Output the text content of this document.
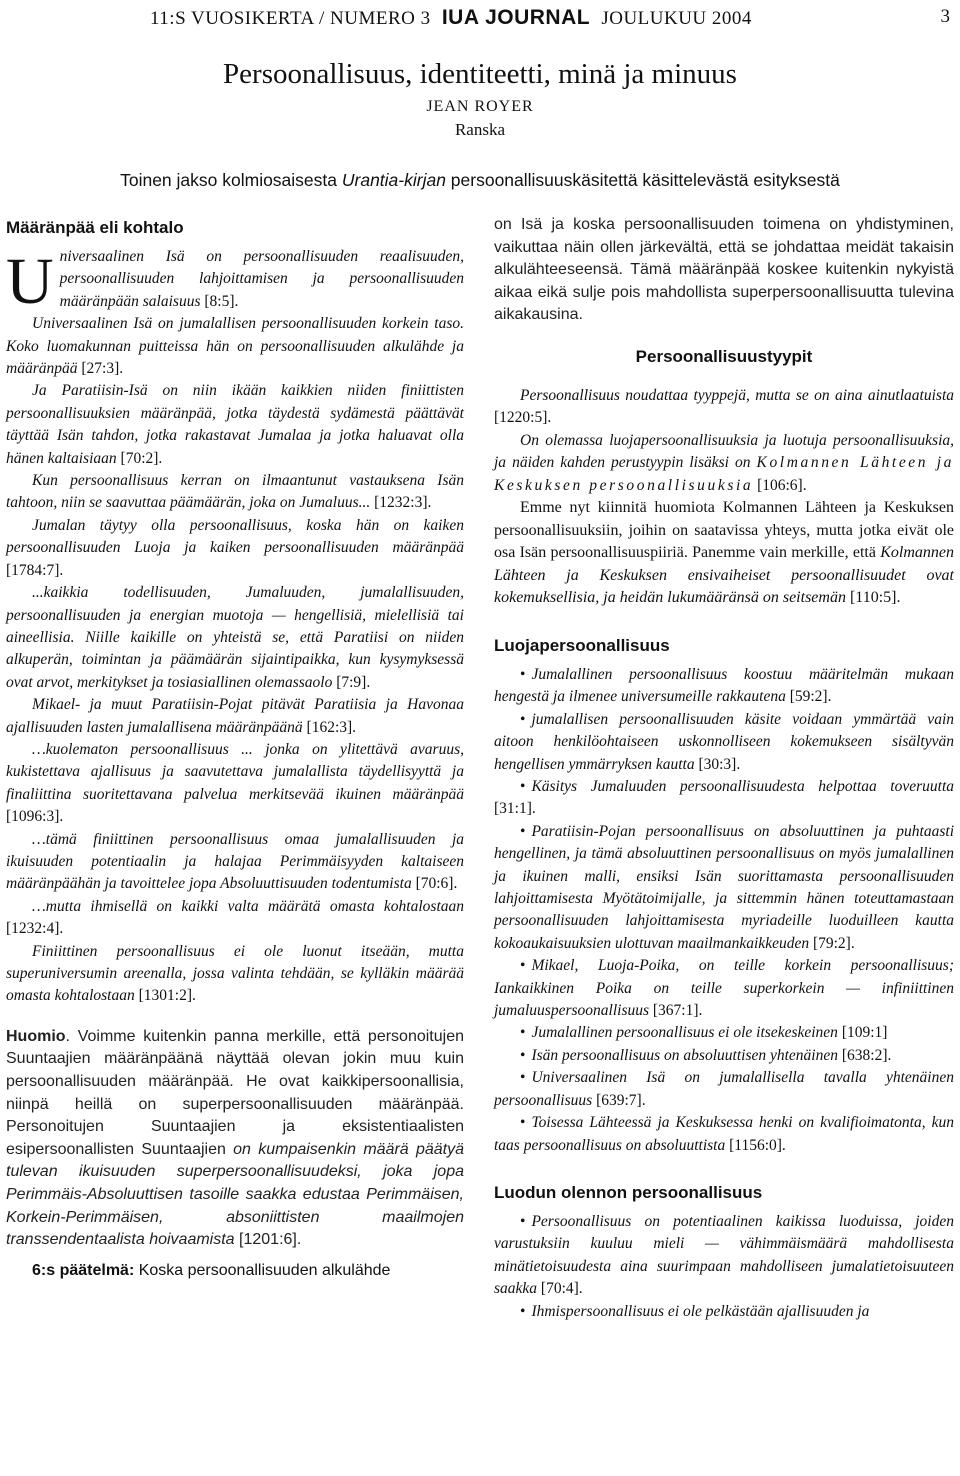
11:S VUOSIKERTA / NUMERO 3 IUA JOURNAL JOULUKUU 2004	3
Persoonallisuus, identiteetti, minä ja minuus
JEAN ROYER
Ranska
Toinen jakso kolmiosaisesta Urantia-kirjan persoonallisuuskäsitettä käsittelevästä esityksestä
Määränpää eli kohtalo

Universaalinen Isä on persoonallisuuden reaalisuuden, persoonallisuuden lahjoittamisen ja persoonallisuuden määränpään salaisuus [8:5].

Universaalinen Isä on jumalallisen persoonallisuuden korkein taso. Koko luomakunnan puitteissa hän on persoonallisuuden alkulähde ja määränpää [27:3].

Ja Paratiisin-Isä on niin ikään kaikkien niiden finiittisten persoonallisuuksien määränpää, jotka täydestä sydämestä päättävät täyttää Isän tahdon, jotka rakastavat Jumalaa ja jotka haluavat olla hänen kaltaisiaan [70:2].

Kun persoonallisuus kerran on ilmaantunut vastauksena Isän tahtoon, niin se saavuttaa päämäärän, joka on Jumaluus... [1232:3].

Jumalan täytyy olla persoonallisuus, koska hän on kaiken persoonallisuuden Luoja ja kaiken persoonallisuuden määränpää [1784:7].

...kaikkia todellisuuden, Jumaluuden, jumalallisuuden, persoonallisuuden ja energian muotoja — hengellisiä, mielellisiä tai aineellisia. Niille kaikille on yhteistä se, että Paratiisi on niiden alkuperän, toimintan ja päämäärän sijaintipaikka, kun kysymyksessä ovat arvot, merkitykset ja tosiasiallinen olemassaolo [7:9].

Mikael- ja muut Paratiisin-Pojat pitävät Paratiisia ja Havonaa ajallisuuden lasten jumalallisena määränpäänä [162:3].

…kuolematon persoonallisuus ... jonka on ylitettävä avaruus, kukistettava ajallisuus ja saavutettava jumalallista täydellisyyttä ja finaliittina suoritettavana palvelua merkitsevää ikuinen määränpää [1096:3].

…tämä finiittinen persoonallisuus omaa jumalallisuuden ja ikuisuuden potentiaalin ja halajaa Perimmäisyyden kaltaiseen määränpäähän ja tavoittelee jopa Absoluuttisuuden todentumista [70:6].

…mutta ihmisellä on kaikki valta määrätä omasta kohtalostaan [1232:4].

Finiittinen persoonallisuus ei ole luonut itseään, mutta superuniversumin areenalla, jossa valinta tehdään, se kylläkin määrää omasta kohtalostaan [1301:2].

Huomio. Voimme kuitenkin panna merkille, että personoitujen Suuntaajien määränpäänä näyttää olevan jokin muu kuin persoonallisuuden määränpää. He ovat kaikkipersoonallisia, niinpä heillä on superpersoonallisuuden määränpää. Personoitujen Suuntaajien ja eksistentiaalisten esipersoonallisten Suuntaajien on kumpaisenkin määrä päätyä tulevan ikuisuuden superpersoonallisuudeksi, joka jopa Perimmäis-Absoluuttisen tasoille saakka edustaa Perimmäisen, Korkein-Perimmäisen, absoniittisten maailmojen transsendentaalista hoivaamista [1201:6].

6:s päätelmä: Koska persoonallisuuden alkulähde

on Isä ja koska persoonallisuuden toimena on yhdistyminen, vaikuttaa näin ollen järkevältä, että se johdattaa meidät takaisin alkulähteeseensä. Tämä määränpää koskee kuitenkin nykyistä aikaa eikä sulje pois mahdollista superpersoonallisuutta tulevina aikakausina.

Persoonallisuustyypit

Persoonallisuus noudattaa tyyppejä, mutta se on aina ainutlaatuista [1220:5].

On olemassa luojapersoonallisuuksia ja luotuja persoonallisuuksia, ja näiden kahden perustyypin lisäksi on Kolmannen Lähteen ja Keskuksen persoonallisuuksia [106:6].

Emme nyt kiinnitä huomiota Kolmannen Lähteen ja Keskuksen persoonallisuuksiin, joihin on saatavissa yhteys, mutta jotka eivät ole osa Isän persoonallisuuspiiriä. Panemme vain merkille, että Kolmannen Lähteen ja Keskuksen ensivaiheiset persoonallisuudet ovat kokemuksellisia, ja heidän lukumääränsä on seitsemän [110:5].

Luojapersoonallisuus

• Jumalallinen persoonallisuus koostuu määritelmän mukaan hengestä ja ilmenee universumeille rakkautena [59:2].

• jumalallisen persoonallisuuden käsite voidaan ymmärtää vain aitoon henkilöohtaiseen uskonnolliseen kokemukseen sisältyvän hengellisen ymmärryksen kautta [30:3].

• Käsitys Jumaluuden persoonallisuudesta helpottaa toveruutta [31:1].

• Paratiisin-Pojan persoonallisuus on absoluuttinen ja puhtaasti hengellinen, ja tämä absoluuttinen persoonallisuus on myös jumalallinen ja ikuinen malli, ensiksi Isän suorittamasta persoonallisuuden lahjoittamisesta Myötätoimijalle, ja sittemmin hänen toteuttamastaan persoonallisuuden lahjoittamisesta myriadeille luoduilleen kautta kokoaukaisuuksien ulottuvan maailmankaikkeuden [79:2].

• Mikael, Luoja-Poika, on teille korkein persoonallisuus; Iankaikkinen Poika on teille superkorkein — infiniittinen jumaluuspersoonallisuus [367:1].

• Jumalallinen persoonallisuus ei ole itsekeskeinen [109:1]

• Isän persoonallisuus on absoluuttisen yhtenäinen [638:2].

• Universaalinen Isä on jumalallisella tavalla yhtenäinen persoonallisuus [639:7].

• Toisessa Lähteessä ja Keskuksessa henki on kvalifioimatonta, kun taas persoonallisuus on absoluuttista [1156:0].

Luodun olennon persoonallisuus

• Persoonallisuus on potentiaalinen kaikissa luoduissa, joiden varustuksiin kuuluu mieli — vähimmäismäärä mahdollisesta minätietoisuudesta aina suurimpaan mahdolliseen jumalatietoisuuteen saakka [70:4].

• Ihmispersoonallisuus ei ole pelkästään ajallisuuden ja
